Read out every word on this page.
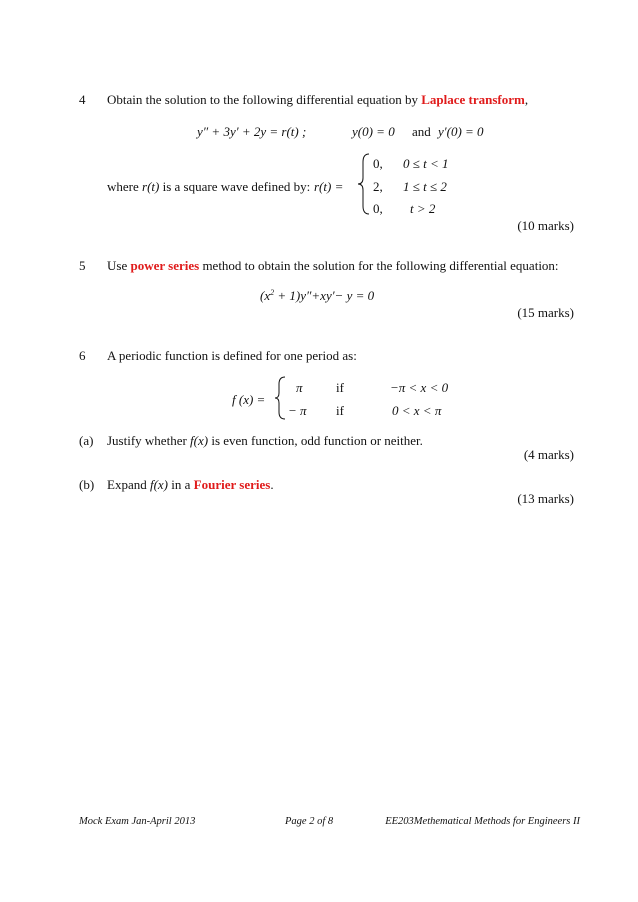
4 Obtain the solution to the following differential equation by Laplace transform,
y″ + 3y′ + 2y = r(t) ;	y(0) = 0 and y′(0) = 0
where r(t) is a square wave defined by: r(t) =
0, 0 ≤ t < 1
2, 1 ≤ t ≤ 2
0, t > 2
(10 marks)
5 Use power series method to obtain the solution for the following differential equation:
$(x^2 + 1)y''+xy'- y = 0$
(15 marks)
6 A periodic function is defined for one period as:
f (x) =
π	if	−π < x < 0
− π if	0 < x < π
(a) Justify whether f(x) is even function, odd function or neither.
(4 marks)
(b) Expand f(x) in a Fourier series.
(13 marks)
Mock Exam Jan-April 2013	Page 2 of 8	EE203Methematical Methods for Engineers II
